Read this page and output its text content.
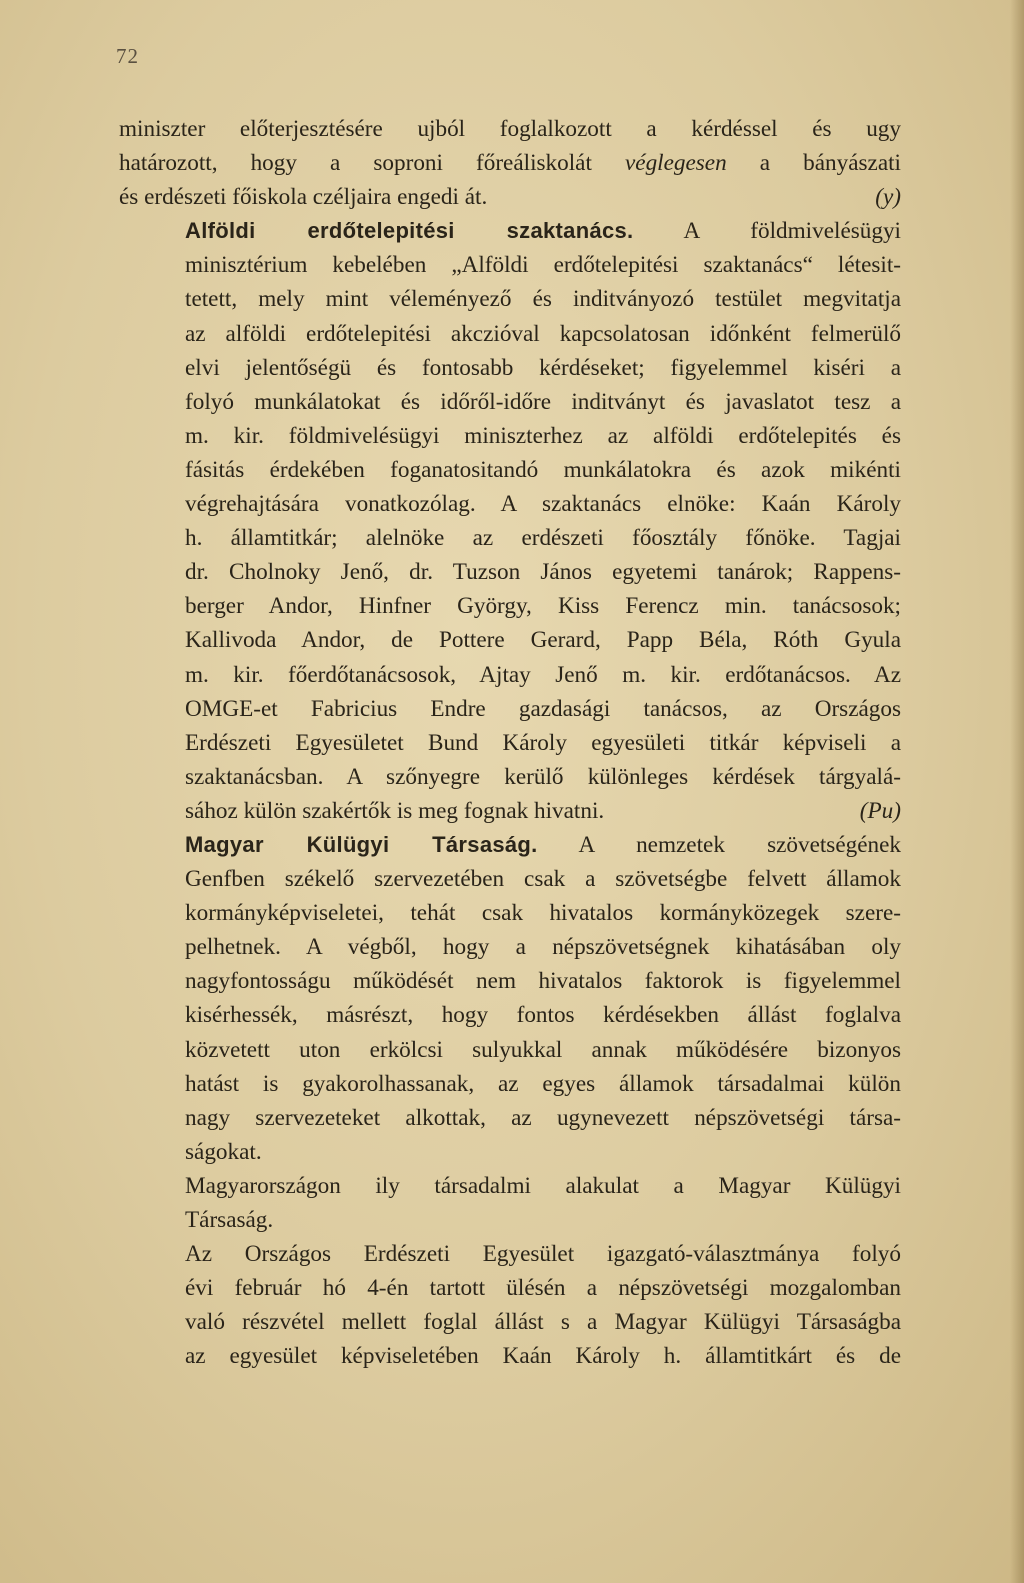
72

miniszter előterjesztésére ujból foglalkozott a kérdéssel és ugy
határozott, hogy a soproni főreáliskolát véglegesen a bányászati
és erdészeti főiskola czéljaira engedi át.	(y)

Alföldi erdőtelepitési szaktanács. A földmivelésügyi
minisztérium kebelében „Alföldi erdőtelepitési szaktanács“ létesit-
tetett, mely mint véleményező és inditványozó testület megvitatja
az alföldi erdőtelepitési akczióval kapcsolatosan időnként felmerülő
elvi jelentőségü és fontosabb kérdéseket; figyelemmel kiséri a
folyó munkálatokat és időről-időre inditványt és javaslatot tesz a
m. kir. földmivelésügyi miniszterhez az alföldi erdőtelepités és
fásitás érdekében foganatositandó munkálatokra és azok mikénti
végrehajtására vonatkozólag. A szaktanács elnöke: Kaán Károly
h. államtitkár; alelnöke az erdészeti főosztály főnöke. Tagjai
dr. Cholnoky Jenő, dr. Tuzson János egyetemi tanárok; Rappens-
berger Andor, Hinfner György, Kiss Ferencz min. tanácsosok;
Kallivoda Andor, de Pottere Gerard, Papp Béla, Róth Gyula
m. kir. főerdőtanácsosok, Ajtay Jenő m. kir. erdőtanácsos. Az
OMGE-et Fabricius Endre gazdasági tanácsos, az Országos
Erdészeti Egyesületet Bund Károly egyesületi titkár képviseli a
szaktanácsban. A szőnyegre kerülő különleges kérdések tárgyalá-
sához külön szakértők is meg fognak hivatni.	(Pu)

Magyar Külügyi Társaság. A nemzetek szövetségének
Genfben székelő szervezetében csak a szövetségbe felvett államok
kormányképviseletei, tehát csak hivatalos kormányközegek szere-
pelhetnek. A végből, hogy a népszövetségnek kihatásában oly
nagyfontosságu működését nem hivatalos faktorok is figyelemmel
kisérhessék, másrészt, hogy fontos kérdésekben állást foglalva
közvetett uton erkölcsi sulyukkal annak működésére bizonyos
hatást is gyakorolhassanak, az egyes államok társadalmai külön
nagy szervezeteket alkottak, az ugynevezett népszövetségi társa-
ságokat.

Magyarországon ily társadalmi alakulat a Magyar Külügyi
Társaság.

Az Országos Erdészeti Egyesület igazgató-választmánya folyó
évi február hó 4-én tartott ülésén a népszövetségi mozgalomban
való részvétel mellett foglal állást s a Magyar Külügyi Társaságba
az egyesület képviseletében Kaán Károly h. államtitkárt és de
